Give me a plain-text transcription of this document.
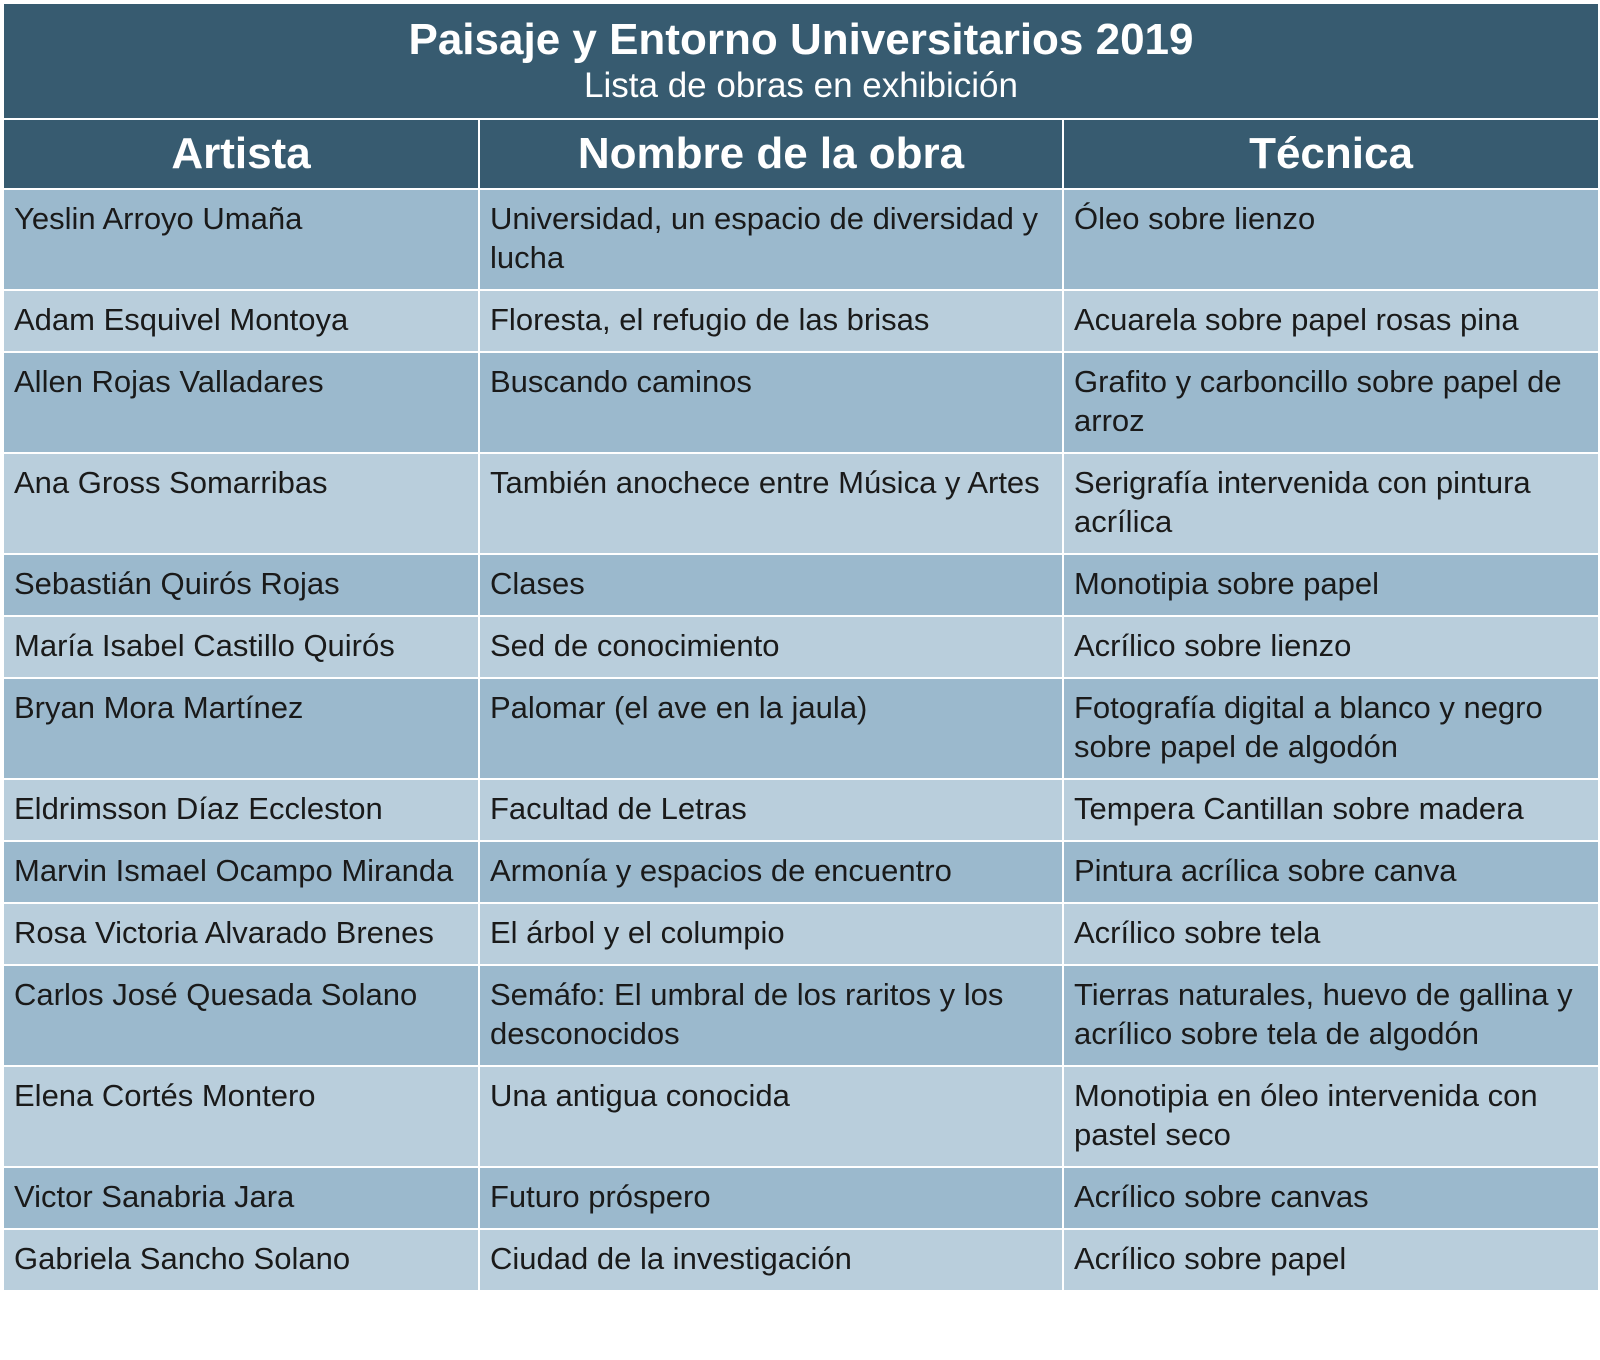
Paisaje y Entorno Universitarios 2019
Lista de obras en exhibición		

Artista	Nombre de la obra	Técnica
Yeslin Arroyo Umaña	Universidad, un espacio de diversidad y lucha	Óleo sobre lienzo
Adam Esquivel Montoya	Floresta, el refugio de las brisas	Acuarela sobre papel rosas pina
Allen Rojas Valladares	Buscando caminos	Grafito y carboncillo sobre papel de arroz
Ana Gross Somarribas	También anochece entre Música y Artes	Serigrafía intervenida con pintura acrílica
Sebastián Quirós Rojas	Clases	Monotipia sobre papel
María Isabel Castillo Quirós	Sed de conocimiento	Acrílico sobre lienzo
Bryan Mora Martínez	Palomar (el ave en la jaula)	Fotografía digital a blanco y negro sobre papel de algodón
Eldrimsson Díaz Eccleston	Facultad de Letras	Tempera Cantillan sobre madera
Marvin Ismael Ocampo Miranda	Armonía y espacios de encuentro	Pintura acrílica sobre canva
Rosa Victoria Alvarado Brenes	El árbol y el columpio	Acrílico sobre tela
Carlos José Quesada Solano	Semáfo: El umbral de los raritos y los desconocidos	Tierras naturales, huevo de gallina y acrílico sobre tela de algodón
Elena Cortés Montero	Una antigua conocida	Monotipia en óleo intervenida con pastel seco
Victor Sanabria Jara	Futuro próspero	Acrílico sobre canvas
Gabriela Sancho Solano	Ciudad de la investigación	Acrílico sobre papel
